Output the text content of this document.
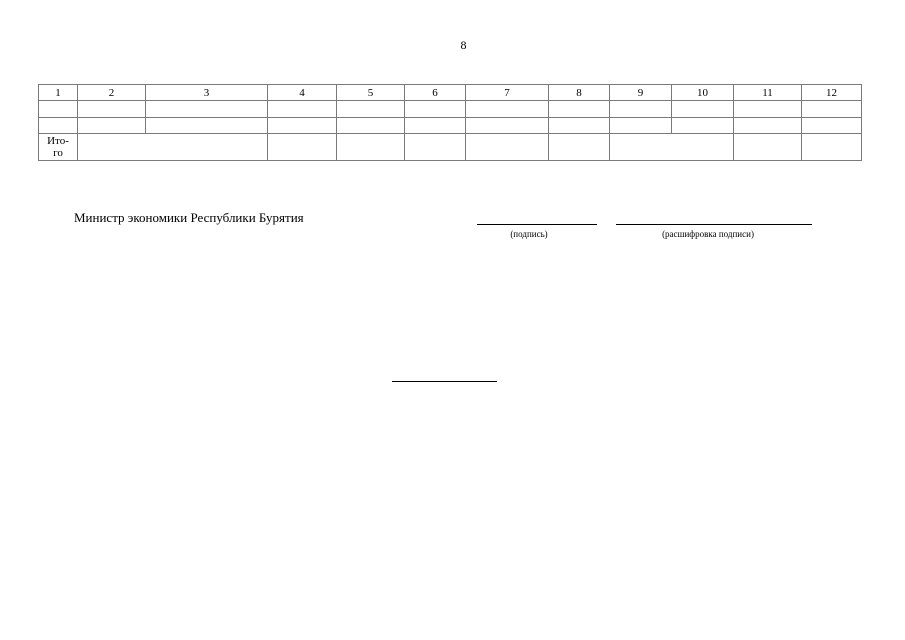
8
1	2	3	4	5	6	7	8	9	10	11	12

Ито-
го											

Министр экономики Республики Бурятия
(подпись)	(расшифровка подписи)
